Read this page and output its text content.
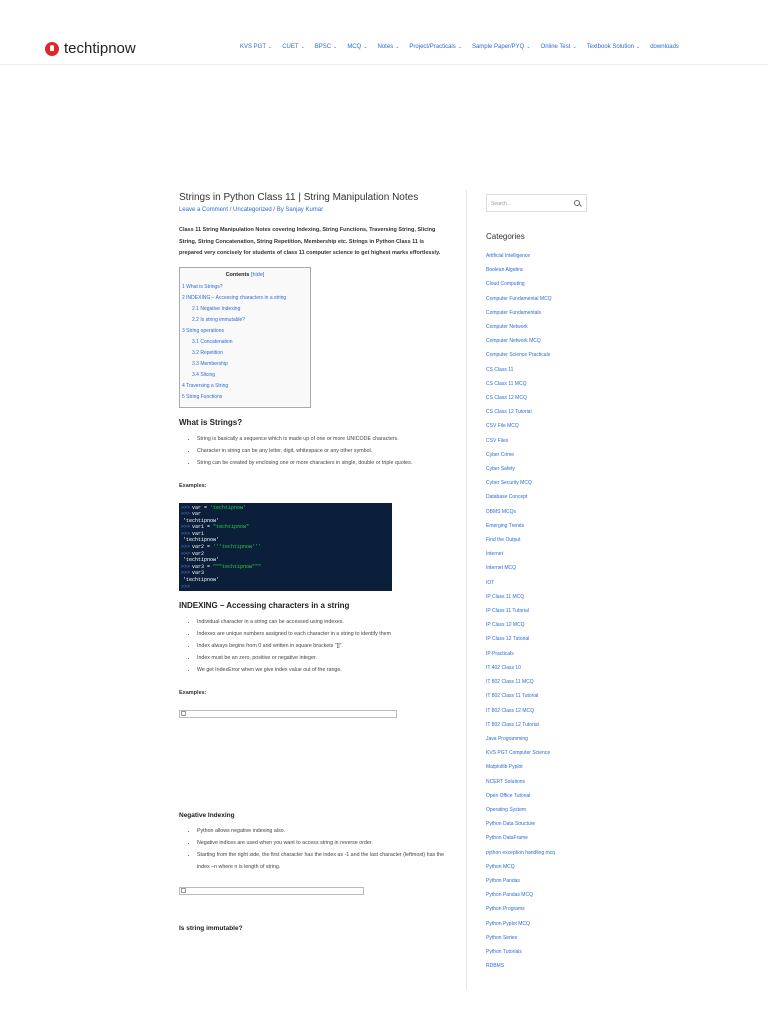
techtipnow	KVS PGT ⌄ CUET ⌄ BPSC ⌄ MCQ ⌄ Notes ⌄ Project/Practicals ⌄ Sample Paper/PYQ ⌄ Online Test ⌄ Textbook Solution ⌄ downloads
Strings in Python Class 11 | String Manipulation Notes
Leave a Comment / Uncategorized / By Sanjay Kumar
Class 11 String Manipulation Notes covering Indexing, String Functions, Traversing String, Slicing String, String Concatenation, String Repetition, Membership etc. Strings in Python Class 11 is prepared very concisely for students of class 11 computer science to get highest marks effortlessly.
Contents [hide]
1 What is Strings?
2 INDEXING – Accessing characters in a string
2.1 Negative Indexing
2.2 Is string immutable?
3 String operations
3.1 Concatenation
3.2 Repetition
3.3 Membership
3.4 Slicing
4 Traversing a String
5 String Functions
What is Strings?
• String is basically a sequence which is made up of one or more UNICODE characters.
• Character in string can be any letter, digit, whitespace or any other symbol.
• String can be created by enclosing one or more characters in single, double or triple quotes.
Examples:
>>> var = 'techtipnow'
>>> var
'techtipnow'
>>> var1 = "techtipnow"
>>> var1
'techtipnow'
>>> var2 = '''techtipnow'''
>>> var2
'techtipnow'
>>> var3 = """techtipnow"""
>>> var3
'techtipnow'
>>>
INDEXING – Accessing characters in a string
• Individual character in a string can be accessed using indexes.
• Indexes are unique numbers assigned to each character in a string to identify them
• Index always begins from 0 and written in square brackets "[]".
• Index must be an zero, positive or negative integer.
• We get IndexError when we give index value out of the range.
Examples:
Negative Indexing
• Python allows negative indexing also.
• Negative indices are used when you want to access string in reverse order.
• Starting from the right side, the first character has the index as -1 and the last character (leftmost) has the index –n where n is length of string.
Is string immutable?
Search...
Categories
Artificial Intelligence
Boolean Algebra
Cloud Computing
Computer Fundamental MCQ
Computer Fundamentals
Computer Network
Computer Network MCQ
Computer Science Practicals
CS Class 11
CS Class 11 MCQ
CS Class 12 MCQ
CS Class 12 Tutorial
CSV File MCQ
CSV Files
Cyber Crime
Cyber Safety
Cyber Security MCQ
Database Concept
DBMS MCQs
Emerging Trends
Find the Output
Internet
Internet MCQ
IOT
IP Class 11 MCQ
IP Class 11 Tutorial
IP Class 12 MCQ
IP Class 12 Tutorial
IP Practicals
IT 402 Class 10
IT 802 Class 11 MCQ
IT 802 Class 11 Tutorial
IT 802 Class 12 MCQ
IT 802 Class 12 Tutorial
Java Programming
KVS PGT Computer Science
Matplotlib Pyplot
NCERT Solutions
Open Office Tutorial
Operating System
Python Data Structure
Python DataFrame
python exception handling mcq
Python MCQ
Python Pandas
Python Pandas MCQ
Python Programs
Python Pyplot MCQ
Python Series
Python Tutorials
RDBMS
